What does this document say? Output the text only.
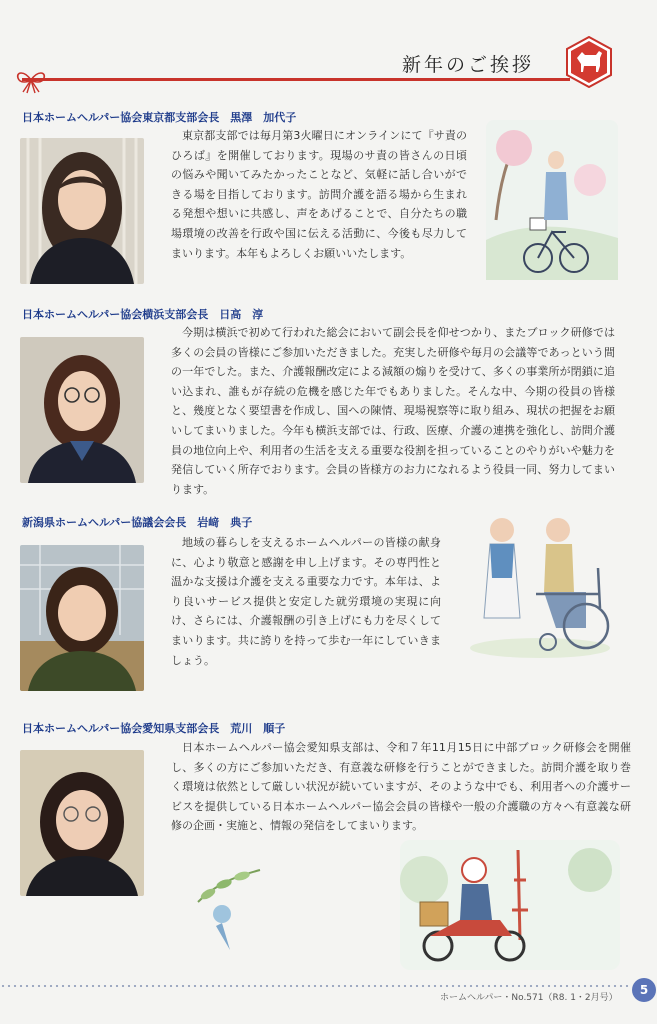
新年のご挨拶
日本ホームヘルパー協会東京都支部会長　黒澤　加代子

東京都支部では毎月第3火曜日にオンラインにて『サ責のひろば』を開催しております。現場のサ責の皆さんの日頃の悩みや聞いてみたかったことなど、気軽に話し合いができる場を目指しております。訪問介護を語る場から生まれる発想や想いに共感し、声をあげることで、自分たちの職場環境の改善を行政や国に伝える活動に、今後も尽力してまいります。本年もよろしくお願いいたします。

日本ホームヘルパー協会横浜支部会長　日高　淳

今期は横浜で初めて行われた総会において副会長を仰せつかり、またブロック研修では多くの会員の皆様にご参加いただきました。充実した研修や毎月の会議等であっという間の一年でした。また、介護報酬改定による減額の煽りを受けて、多くの事業所が閉鎖に追い込まれ、誰もが存続の危機を感じた年でもありました。そんな中、今期の役員の皆様と、幾度となく要望書を作成し、国への陳情、現場視察等に取り組み、現状の把握をお願いしてまいりました。今年も横浜支部では、行政、医療、介護の連携を強化し、訪問介護員の地位向上や、利用者の生活を支える重要な役割を担っていることのやりがいや魅力を発信していく所存でおります。会員の皆様方のお力になれるよう役員一同、努力してまいります。

新潟県ホームヘルパー協議会会長　岩﨑　典子

地域の暮らしを支えるホームヘルパーの皆様の献身に、心より敬意と感謝を申し上げます。その専門性と温かな支援は介護を支える重要な力です。本年は、より良いサービス提供と安定した就労環境の実現に向け、さらには、介護報酬の引き上げにも力を尽くしてまいります。共に誇りを持って歩む一年にしていきましょう。

日本ホームヘルパー協会愛知県支部会長　荒川　順子

日本ホームヘルパー協会愛知県支部は、令和７年11月15日に中部ブロック研修会を開催し、多くの方にご参加いただき、有意義な研修を行うことができました。訪問介護を取り巻く環境は依然として厳しい状況が続いていますが、そのような中でも、利用者への介護サービスを提供している日本ホームヘルパー協会会員の皆様や一般の介護職の方々へ有意義な研修の企画・実施と、情報の発信をしてまいります。

ホームヘルパー・No.571（R8. 1・2月号）
5
